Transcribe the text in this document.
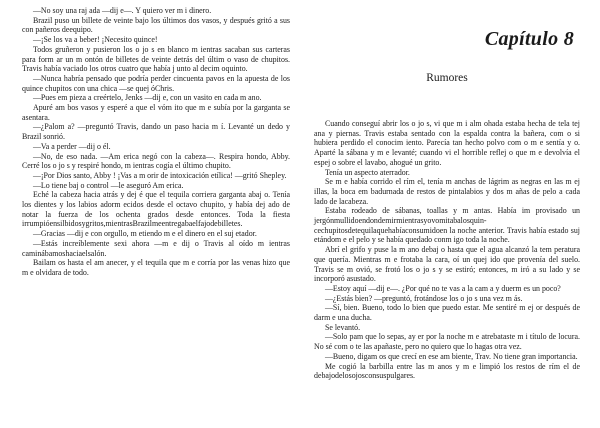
—No soy una raj ada —dij e—. Y quiero ver m i dinero.

Brazil puso un billete de veinte bajo los últimos dos vasos, y después gritó a sus con pañeros deequipo.

—¡Se los va a beber! ¡Necesito quince!

Todos gruñeron y pusieron los o jo s en blanco m ientras sacaban sus carteras para form ar un m ontón de billetes de veinte detrás del últim o vaso de chupitos. Travis había vaciado los otros cuatro que había j unto al decim oquinto.

—Nunca habría pensado que podría perder cincuenta pavos en la apuesta de los quince chupitos con una chica —se quej óChris.

—Pues em pieza a creértelo, Jenks —dij e, con un vasito en cada m ano.

Apuré am bos vasos y esperé a que el vóm ito que m e subía por la garganta se asentara.

—¿Palom a? —preguntó Travis, dando un paso hacia m í. Levanté un dedo y Brazil sonrió.

—Va a perder —dij o él.

—No, de eso nada. —Am erica negó con la cabeza—. Respira hondo, Abby. Cerré los o jo s y respiré hondo, m ientras cogía el último chupito.

—¡Por Dios santo, Abby ! ¡Vas a m orir de intoxicación etílica! —gritó Shepley.

—Lo tiene baj o control —le aseguró Am erica.

Eché la cabeza hacia atrás y dej é que el tequila corriera garganta abaj o. Tenía los dientes y los labios adorm ecidos desde el octavo chupito, y había dej ado de notar la fuerza de los ochenta grados desde entonces. Toda la fiesta irrumpióensilbidosygritos,mientrasBrazilmeentregabaelfajodebilletes.

—Gracias —dij e con orgullo, m etiendo m e el dinero en el suj etador.

—Estás increíblemente sexi ahora —m e dij o Travis al oído m ientras caminábamoshaciaelsalón.

Bailam os hasta el am anecer, y el tequila que m e corría por las venas hizo que m e olvidara de todo.

Capítulo 8
Rumores

Cuando conseguí abrir los o jo s, vi que m i alm ohada estaba hecha de tela tej ana y piernas. Travis estaba sentado con la espalda contra la bañera, com o si hubiera perdido el conocim iento. Parecía tan hecho polvo com o m e sentía y o. Aparté la sábana y m e levanté; cuando vi el horrible reflej o que m e devolvía el espej o sobre el lavabo, ahogué un grito.

Tenía un aspecto aterrador.

Se m e había corrido el rím el, tenía m anchas de lágrim as negras en las m ej illas, la boca em badurnada de restos de pintalabios y dos m añas de pelo a cada lado de lacabeza.

Estaba rodeado de sábanas, toallas y m antas. Había im provisado un jergónmullidoendondemirmientrasyovomitabalosquin-cechupitosdetequilaquehabíaconsumidoen la noche anterior. Travis había estado suj etándom e el pelo y se había quedado conm igo toda la noche.

Abrí el grifo y puse la m ano debaj o hasta que el agua alcanzó la tem peratura que quería. Mientras m e frotaba la cara, oí un quej ido que provenía del suelo. Travis se m ovió, se frotó los o jo s y se estiró; entonces, m iró a su lado y se incorporó asustado.

—Estoy aquí —dij e—. ¿Por qué no te vas a la cam a y duerm es un poco?

—¿Estás bien? —preguntó, frotándose los o jo s una vez m ás.

—Sí, bien. Bueno, todo lo bien que puedo estar. Me sentiré m ej or después de darm e una ducha.

Se levantó.

—Solo pam que lo sepas, ay er por la noche m e atrebataste m i título de locura. No sé com o te las apañaste, pero no quiero que lo hagas otra vez.

—Bueno, digam os que crecí en ese am biente, Trav. No tiene gran importancia.

Me cogió la barbilla entre las m anos y m e limpió los restos de rím el de debajodelosojosconsuspulgares.
